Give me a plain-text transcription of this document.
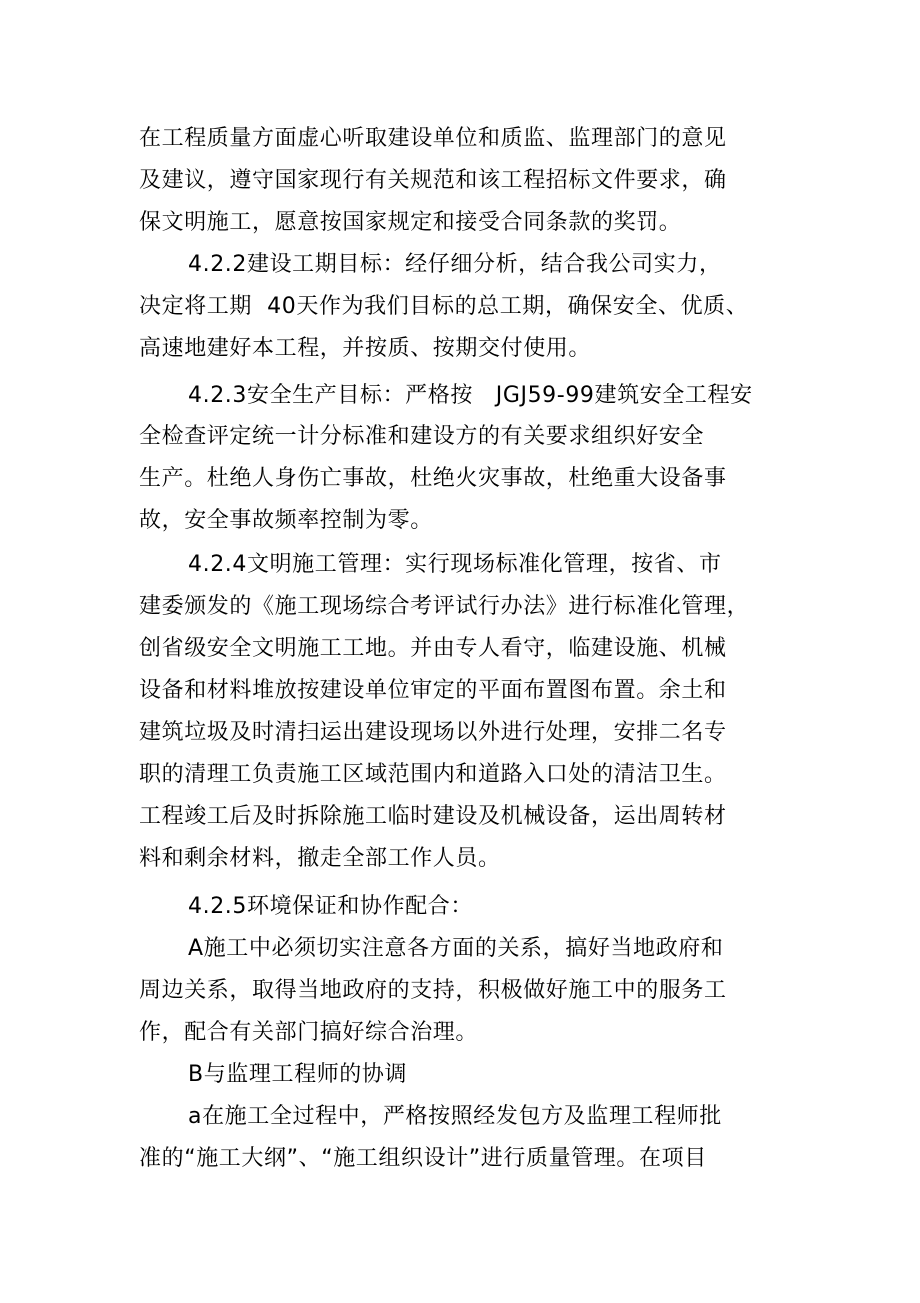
在工程质量方面虚心听取建设单位和质监、监理部门的意见

及建议，遵守国家现行有关规范和该工程招标文件要求，确

保文明施工，愿意按国家规定和接受合同条款的奖罚。

4.2.2建设工期目标：经仔细分析，结合我公司实力，

决定将工期  40天作为我们目标的总工期，确保安全、优质、

高速地建好本工程，并按质、按期交付使用。

4.2.3安全生产目标：严格按   JGJ59-99建筑安全工程安

全检查评定统一计分标准和建设方的有关要求组织好安全

生产。杜绝人身伤亡事故，杜绝火灾事故，杜绝重大设备事

故，安全事故频率控制为零。

4.2.4文明施工管理：实行现场标准化管理，按省、市

建委颁发的《施工现场综合考评试行办法》进行标准化管理，

创省级安全文明施工工地。并由专人看守，临建设施、机械

设备和材料堆放按建设单位审定的平面布置图布置。余土和

建筑垃圾及时清扫运出建设现场以外进行处理，安排二名专

职的清理工负责施工区域范围内和道路入口处的清洁卫生。

工程竣工后及时拆除施工临时建设及机械设备，运出周转材

料和剩余材料，撤走全部工作人员。

4.2.5环境保证和协作配合：

A施工中必须切实注意各方面的关系，搞好当地政府和

周边关系，取得当地政府的支持，积极做好施工中的服务工

作，配合有关部门搞好综合治理。

B与监理工程师的协调

a在施工全过程中，严格按照经发包方及监理工程师批

准的“施工大纲”、“施工组织设计”进行质量管理。在项目
